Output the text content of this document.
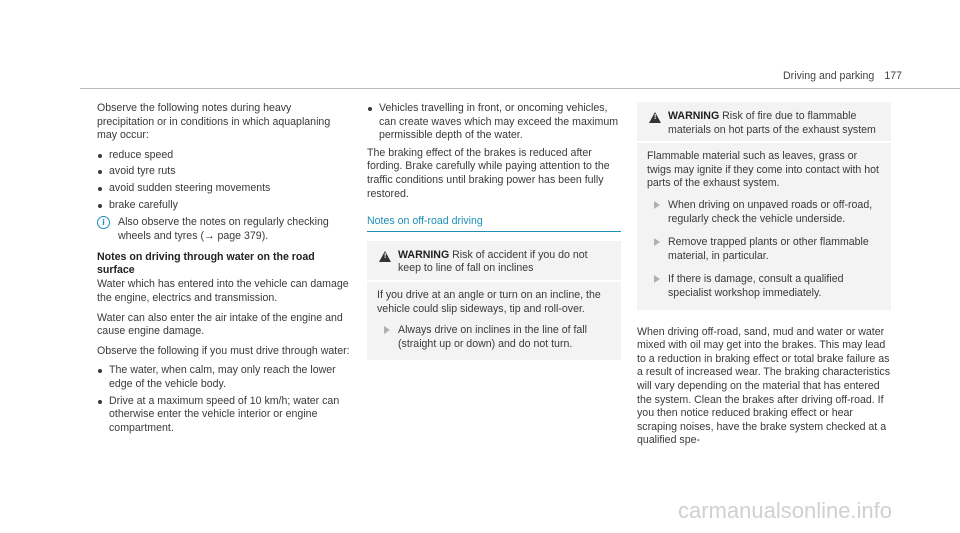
Driving and parking 177

Observe the following notes during heavy precipitation or in conditions in which aquaplaning may occur:

reduce speed
avoid tyre ruts
avoid sudden steering movements
brake carefully
i	Also observe the notes on regularly checking wheels and tyres (→ page 379).
Notes on driving through water on the road surface

Water which has entered into the vehicle can damage the engine, electrics and transmission.

Water can also enter the air intake of the engine and cause engine damage.

Observe the following if you must drive through water:

The water, when calm, may only reach the lower edge of the vehicle body.
Drive at a maximum speed of 10 km/h; water can otherwise enter the vehicle interior or engine compartment.
Vehicles travelling in front, or oncoming vehicles, can create waves which may exceed the maximum permissible depth of the water.

The braking effect of the brakes is reduced after fording. Brake carefully while paying attention to the traffic conditions until braking power has been fully restored.

Notes on off-road driving
!
WARNING Risk of accident if you do not keep to line of fall on inclines
If you drive at an angle or turn on an incline, the vehicle could slip sideways, tip and roll-over.
Always drive on inclines in the line of fall (straight up or down) and do not turn.
!
WARNING Risk of fire due to flammable materials on hot parts of the exhaust system
Flammable material such as leaves, grass or twigs may ignite if they come into contact with hot parts of the exhaust system.
When driving on unpaved roads or off-road, regularly check the vehicle underside.
Remove trapped plants or other flammable material, in particular.
If there is damage, consult a qualified specialist workshop immediately.

When driving off-road, sand, mud and water or water mixed with oil may get into the brakes. This may lead to a reduction in braking effect or total brake failure as a result of increased wear. The braking characteristics will vary depending on the material that has entered the system. Clean the brakes after driving off-road. If you then notice reduced braking effect or hear scraping noises, have the brake system checked at a qualified spe-

carmanualsonline.info
